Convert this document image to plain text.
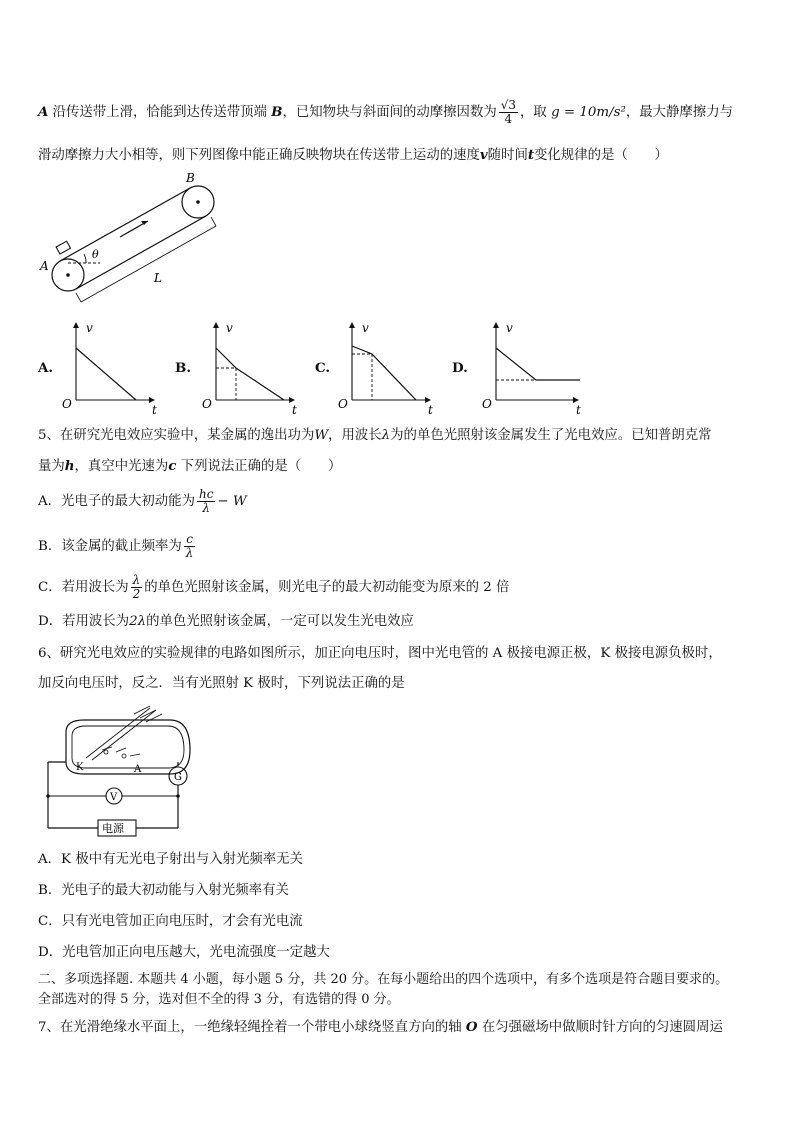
A 沿传送带上滑，恰能到达传送带顶端 B，已知物块与斜面间的动摩擦因数为 $\frac{√3}{4}$ ，取 g = 10m/s²，最大静摩擦力与
滑动摩擦力大小相等，则下列图像中能正确反映物块在传送带上运动的速度v随时间t变化规律的是（　　）
A
B
θ
L
A.
v
t
O
B.
v
t
O
C.
v
t
O
D.
v
t
O
5、在研究光电效应实验中，某金属的逸出功为W，用波长λ为的单色光照射该金属发生了光电效应。已知普朗克常
量为h，真空中光速为c 下列说法正确的是（　　）
A．光电子的最大初动能为 $\frac{hc}{\lambda} - W$
B．该金属的截止频率为 $\frac{c}{\lambda}$
C．若用波长为 $\frac{\lambda}{2}$ 的单色光照射该金属，则光电子的最大初动能变为原来的 2 倍
D．若用波长为2λ的单色光照射该金属，一定可以发生光电效应
6、研究光电效应的实验规律的电路如图所示，加正向电压时，图中光电管的 A 极接电源正极，K 极接电源负极时，
加反向电压时，反之．当有光照射 K 极时，下列说法正确的是
K	A
G
V
电源
A．K 极中有无光电子射出与入射光频率无关
B．光电子的最大初动能与入射光频率有关
C．只有光电管加正向电压时，才会有光电流
D．光电管加正向电压越大，光电流强度一定越大
二、多项选择题. 本题共 4 小题，每小题 5 分，共 20 分。在每小题给出的四个选项中，有多个选项是符合题目要求的。
全部选对的得 5 分，选对但不全的得 3 分，有选错的得 0 分。
7、在光滑绝缘水平面上，一绝缘轻绳拴着一个带电小球绕竖直方向的轴 O 在匀强磁场中做顺时针方向的匀速圆周运
